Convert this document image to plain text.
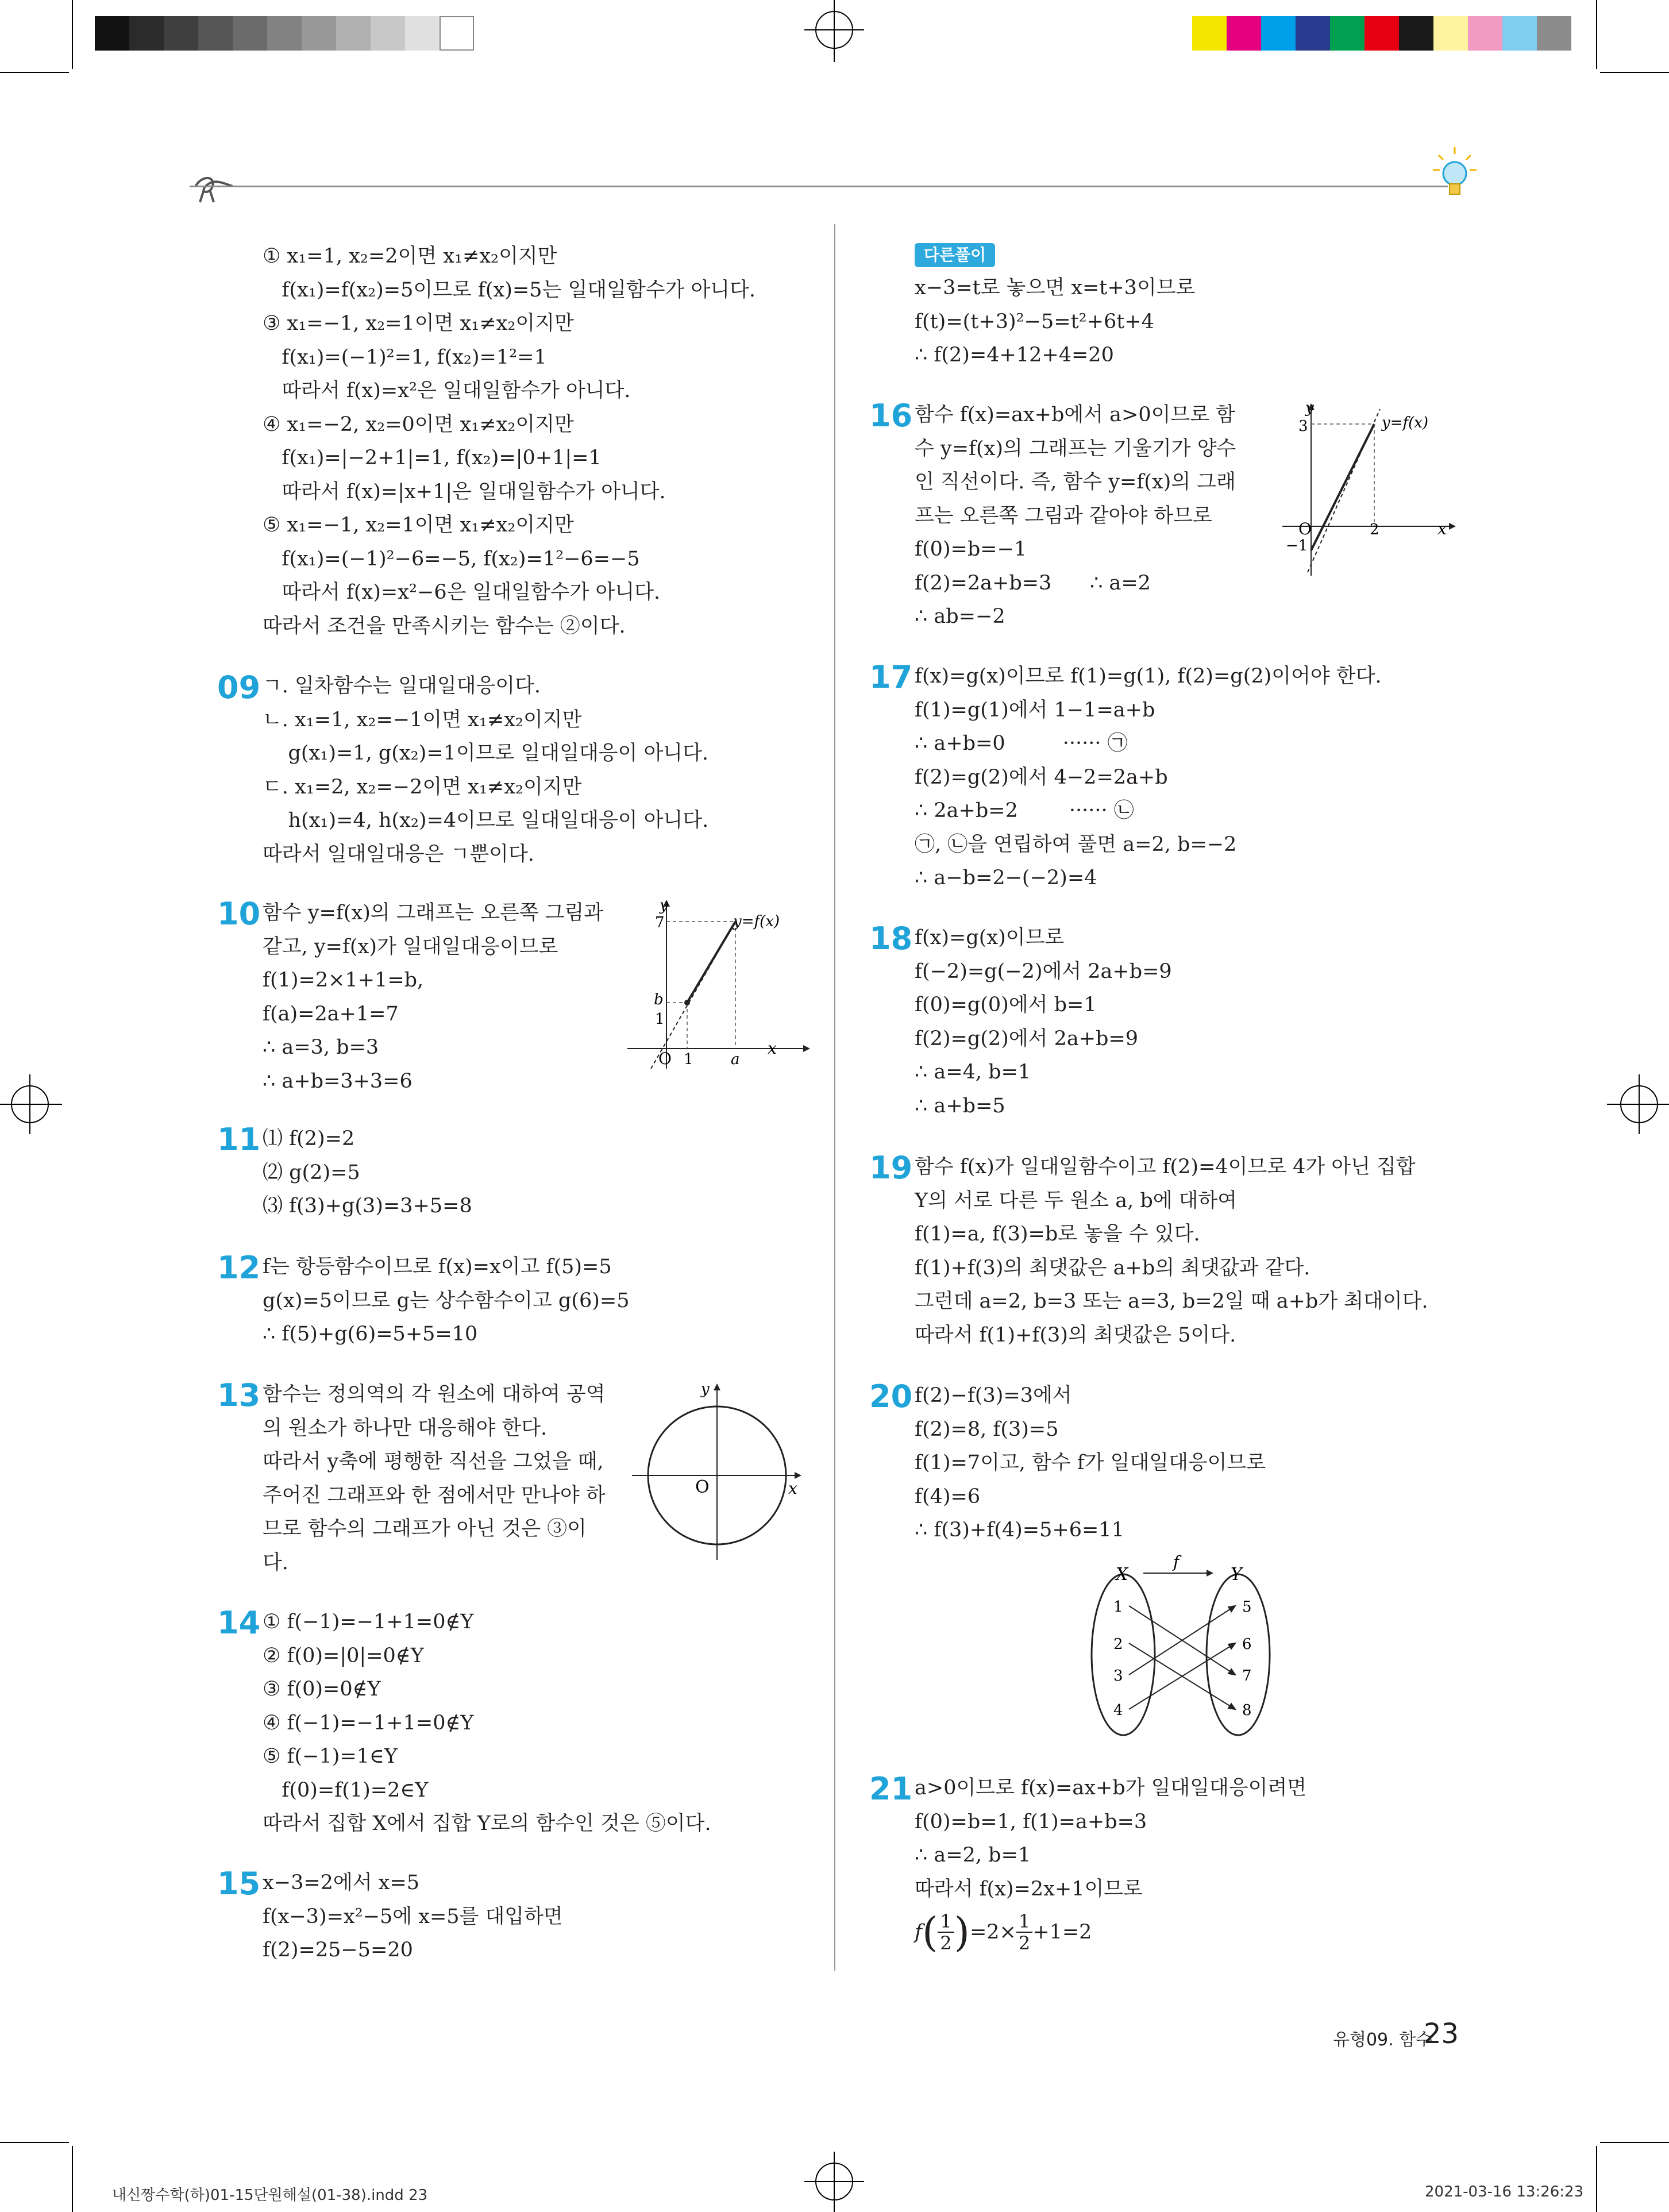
① x₁=1, x₂=2이면 x₁≠x₂이지만
f(x₁)=f(x₂)=5이므로 f(x)=5는 일대일함수가 아니다.
③ x₁=−1, x₂=1이면 x₁≠x₂이지만
f(x₁)=(−1)²=1, f(x₂)=1²=1
따라서 f(x)=x²은 일대일함수가 아니다.
④ x₁=−2, x₂=0이면 x₁≠x₂이지만
f(x₁)=|−2+1|=1, f(x₂)=|0+1|=1
따라서 f(x)=|x+1|은 일대일함수가 아니다.
⑤ x₁=−1, x₂=1이면 x₁≠x₂이지만
f(x₁)=(−1)²−6=−5, f(x₂)=1²−6=−5
따라서 f(x)=x²−6은 일대일함수가 아니다.
따라서 조건을 만족시키는 함수는 ②이다.
09 ㄱ. 일차함수는 일대일대응이다.
ㄴ. x₁=1, x₂=−1이면 x₁≠x₂이지만
g(x₁)=1, g(x₂)=1이므로 일대일대응이 아니다.
ㄷ. x₁=2, x₂=−2이면 x₁≠x₂이지만
h(x₁)=4, h(x₂)=4이므로 일대일대응이 아니다.
따라서 일대일대응은 ㄱ뿐이다.
10 함수 y=f(x)의 그래프는 오른쪽 그림과
같고, y=f(x)가 일대일대응이므로
f(1)=2×1+1=b,
f(a)=2a+1=7
∴ a=3, b=3
∴ a+b=3+3=6
y
x
O
7
b
1
1	a
y=f(x)
11 ⑴ f(2)=2
⑵ g(2)=5
⑶ f(3)+g(3)=3+5=8
12 f는 항등함수이므로 f(x)=x이고 f(5)=5
g(x)=5이므로 g는 상수함수이고 g(6)=5
∴ f(5)+g(6)=5+5=10
13 함수는 정의역의 각 원소에 대하여 공역
의 원소가 하나만 대응해야 한다.
따라서 y축에 평행한 직선을 그었을 때,
주어진 그래프와 한 점에서만 만나야 하
므로 함수의 그래프가 아닌 것은 ③이
다.
y
x
O
14 ① f(−1)=−1+1=0∉Y
② f(0)=|0|=0∉Y
③ f(0)=0∉Y
④ f(−1)=−1+1=0∉Y
⑤ f(−1)=1∈Y
f(0)=f(1)=2∈Y
따라서 집합 X에서 집합 Y로의 함수인 것은 ⑤이다.
15 x−3=2에서 x=5
f(x−3)=x²−5에 x=5를 대입하면
f(2)=25−5=20
다른풀이
x−3=t로 놓으면 x=t+3이므로
f(t)=(t+3)²−5=t²+6t+4
∴ f(2)=4+12+4=20
16 함수 f(x)=ax+b에서 a>0이므로 함
수 y=f(x)의 그래프는 기울기가 양수
인 직선이다. 즉, 함수 y=f(x)의 그래
프는 오른쪽 그림과 같아야 하므로
f(0)=b=−1
f(2)=2a+b=3      ∴ a=2
∴ ab=−2
y
x
O
3
−1
2
y=f(x)
17 f(x)=g(x)이므로 f(1)=g(1), f(2)=g(2)이어야 한다.
f(1)=g(1)에서 1−1=a+b
∴ a+b=0         ······ ㉠
f(2)=g(2)에서 4−2=2a+b
∴ 2a+b=2        ······ ㉡
㉠, ㉡을 연립하여 풀면 a=2, b=−2
∴ a−b=2−(−2)=4
18 f(x)=g(x)이므로
f(−2)=g(−2)에서 2a+b=9
f(0)=g(0)에서 b=1
f(2)=g(2)에서 2a+b=9
∴ a=4, b=1
∴ a+b=5
19 함수 f(x)가 일대일함수이고 f(2)=4이므로 4가 아닌 집합
Y의 서로 다른 두 원소 a, b에 대하여
f(1)=a, f(3)=b로 놓을 수 있다.
f(1)+f(3)의 최댓값은 a+b의 최댓값과 같다.
그런데 a=2, b=3 또는 a=3, b=2일 때 a+b가 최대이다.
따라서 f(1)+f(3)의 최댓값은 5이다.
20 f(2)−f(3)=3에서
f(2)=8, f(3)=5
f(1)=7이고, 함수 f가 일대일대응이므로
f(4)=6
∴ f(3)+f(4)=5+6=11
X	Y
f
1
2
3
4
5
6
7
8
21 a>0이므로 f(x)=ax+b가 일대일대응이려면
f(0)=b=1, f(1)=a+b=3
∴ a=2, b=1
따라서 f(x)=2x+1이므로
f ( $\frac{1}{2}$ ) $=2\times \frac{1}{2} +1=2$
유형09. 함수
23
내신짱수학(하)01-15단원해설(01-38).indd 23	2021-03-16 13:26:23
